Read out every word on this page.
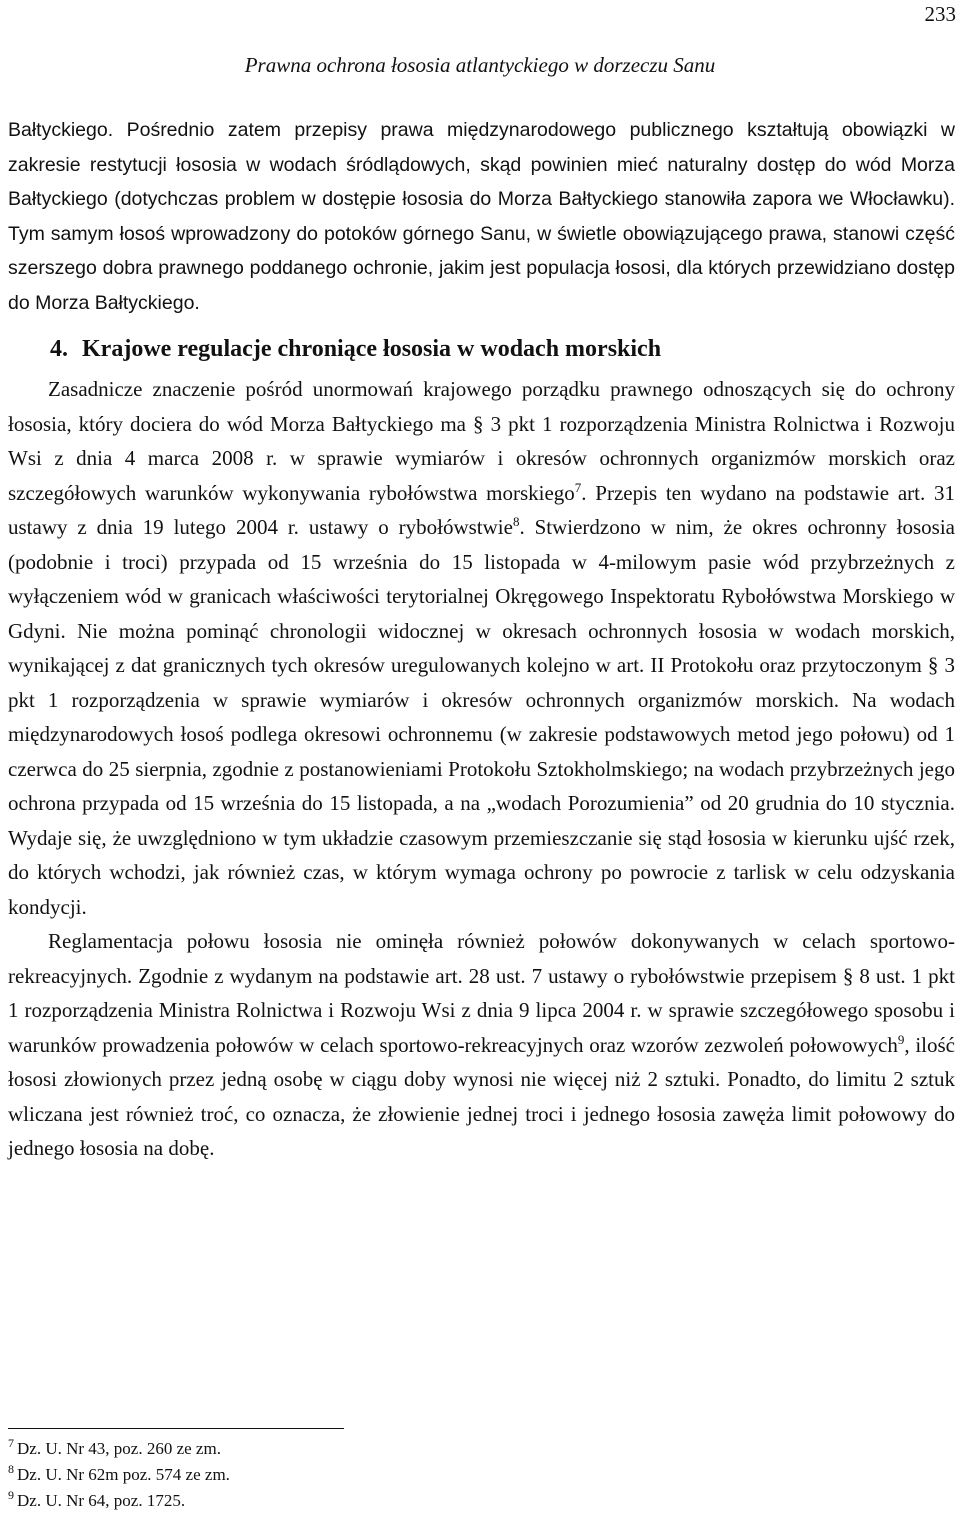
233
Prawna ochrona łososia atlantyckiego w dorzeczu Sanu

Bałtyckiego. Pośrednio zatem przepisy prawa międzynarodowego publicznego kształtują obowiązki w zakresie restytucji łososia w wodach śródlądowych, skąd powinien mieć naturalny dostęp do wód Morza Bałtyckiego (dotychczas problem w dostępie łososia do Morza Bałtyckiego stanowiła zapora we Włocławku). Tym samym łosoś wprowadzony do potoków górnego Sanu, w świetle obowiązującego prawa, stanowi część szerszego dobra prawnego poddanego ochronie, jakim jest populacja łososi, dla których przewidziano dostęp do Morza Bałtyckiego.

4. Krajowe regulacje chroniące łososia w wodach morskich

Zasadnicze znaczenie pośród unormowań krajowego porządku prawnego odnoszących się do ochrony łososia, który dociera do wód Morza Bałtyckiego ma § 3 pkt 1 rozporządzenia Ministra Rolnictwa i Rozwoju Wsi z dnia 4 marca 2008 r. w sprawie wymiarów i okresów ochronnych organizmów morskich oraz szczegółowych warunków wykonywania rybołówstwa morskiego$^7$. Przepis ten wydano na podstawie art. 31 ustawy z dnia 19 lutego 2004 r. ustawy o rybołówstwie$^8$. Stwierdzono w nim, że okres ochronny łososia (podobnie i troci) przypada od 15 września do 15 listopada w 4-milowym pasie wód przybrzeżnych z wyłączeniem wód w granicach właściwości terytorialnej Okręgowego Inspektoratu Rybołówstwa Morskiego w Gdyni. Nie można pominąć chronologii widocznej w okresach ochronnych łososia w wodach morskich, wynikającej z dat granicznych tych okresów uregulowanych kolejno w art. II Protokołu oraz przytoczonym § 3 pkt 1 rozporządzenia w sprawie wymiarów i okresów ochronnych organizmów morskich. Na wodach międzynarodowych łosoś podlega okresowi ochronnemu (w zakresie podstawowych metod jego połowu) od 1 czerwca do 25 sierpnia, zgodnie z postanowieniami Protokołu Sztokholmskiego; na wodach przybrzeżnych jego ochrona przypada od 15 września do 15 listopada, a na „wodach Porozumienia” od 20 grudnia do 10 stycznia. Wydaje się, że uwzględniono w tym układzie czasowym przemieszczanie się stąd łososia w kierunku ujść rzek, do których wchodzi, jak również czas, w którym wymaga ochrony po powrocie z tarlisk w celu odzyskania kondycji.

Reglamentacja połowu łososia nie ominęła również połowów dokonywanych w celach sportowo-rekreacyjnych. Zgodnie z wydanym na podstawie art. 28 ust. 7 ustawy o rybołówstwie przepisem § 8 ust. 1 pkt 1 rozporządzenia Ministra Rolnictwa i Rozwoju Wsi z dnia 9 lipca 2004 r. w sprawie szczegółowego sposobu i warunków prowadzenia połowów w celach sportowo-rekreacyjnych oraz wzorów zezwoleń połowowych$^9$, ilość łososi złowionych przez jedną osobę w ciągu doby wynosi nie więcej niż 2 sztuki. Ponadto, do limitu 2 sztuk wliczana jest również troć, co oznacza, że złowienie jednej troci i jednego łososia zawęża limit połowowy do jednego łososia na dobę.

$^7$ Dz. U. Nr 43, poz. 260 ze zm.
$^8$ Dz. U. Nr 62m poz. 574 ze zm.
$^9$ Dz. U. Nr 64, poz. 1725.
